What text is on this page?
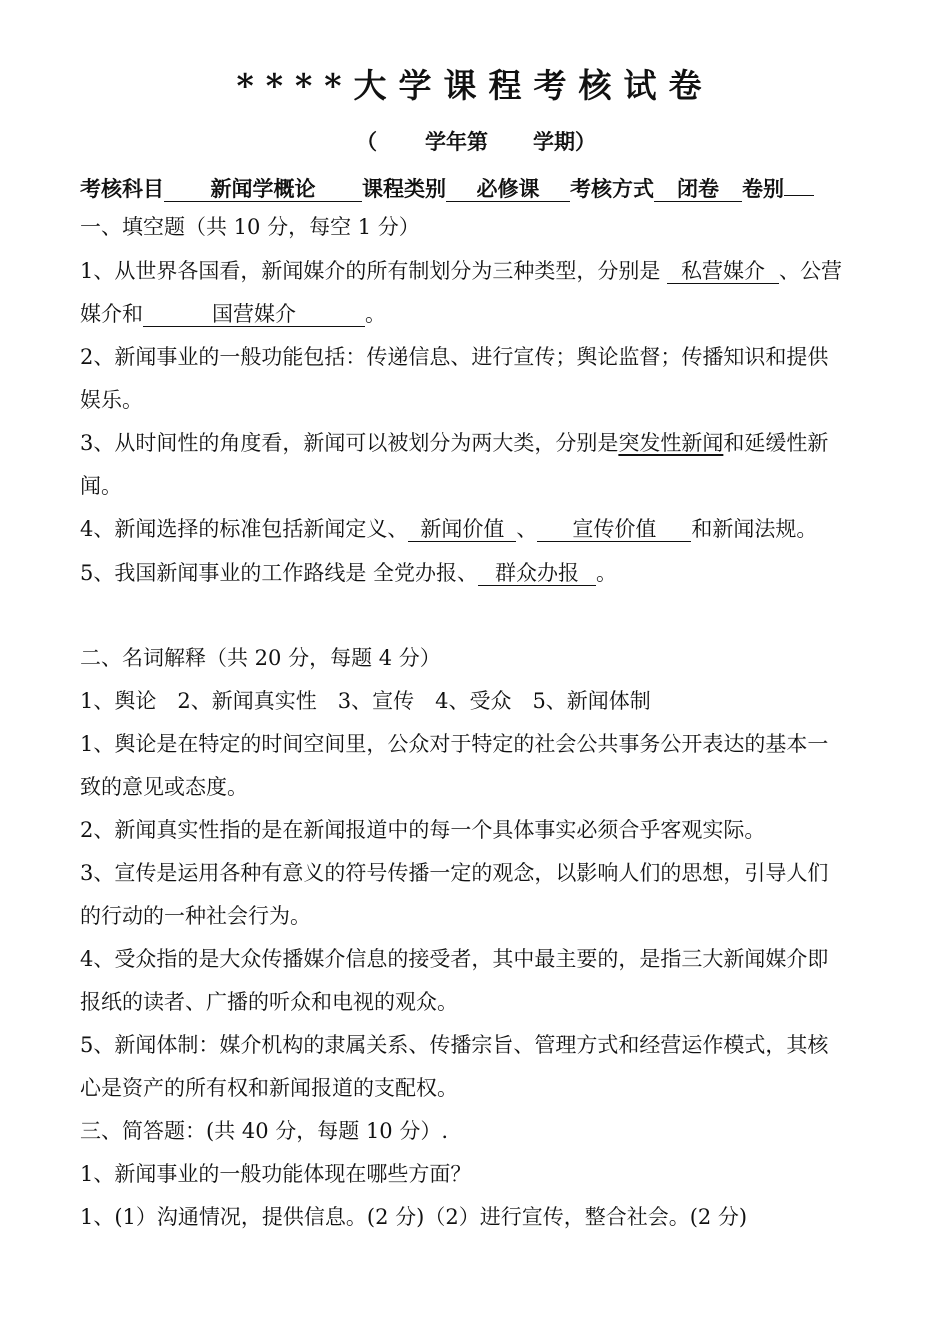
****大学课程考核试卷
（ 学年第 学期）
考核科目 新闻学概论 课程类别 必修课 考核方式 闭卷 卷别
一、填空题（共 10 分，每空 1 分）
1、从世界各国看，新闻媒介的所有制划分为三种类型，分别是 私营媒介 、公营
媒介和	国营媒介	。
2、新闻事业的一般功能包括：传递信息、进行宣传；舆论监督；传播知识和提供
娱乐。
3、从时间性的角度看，新闻可以被划分为两大类，分别是突发性新闻和延缓性新
闻。
4、新闻选择的标准包括新闻定义、 新闻价值 、 宣传价值 和新闻法规。
5、我国新闻事业的工作路线是 全党办报、 群众办报 。
二、名词解释（共 20 分，每题 4 分）
1、舆论　2、新闻真实性　3、宣传　4、受众　5、新闻体制
1、舆论是在特定的时间空间里，公众对于特定的社会公共事务公开表达的基本一
致的意见或态度。
2、新闻真实性指的是在新闻报道中的每一个具体事实必须合乎客观实际。
3、宣传是运用各种有意义的符号传播一定的观念，以影响人们的思想，引导人们
的行动的一种社会行为。
4、受众指的是大众传播媒介信息的接受者，其中最主要的，是指三大新闻媒介即
报纸的读者、广播的听众和电视的观众。
5、新闻体制：媒介机构的隶属关系、传播宗旨、管理方式和经营运作模式，其核
心是资产的所有权和新闻报道的支配权。
三、简答题：(共 40 分，每题 10 分）.
1、新闻事业的一般功能体现在哪些方面？
1、(1）沟通情况，提供信息。(2 分)（2）进行宣传，整合社会。(2 分)
